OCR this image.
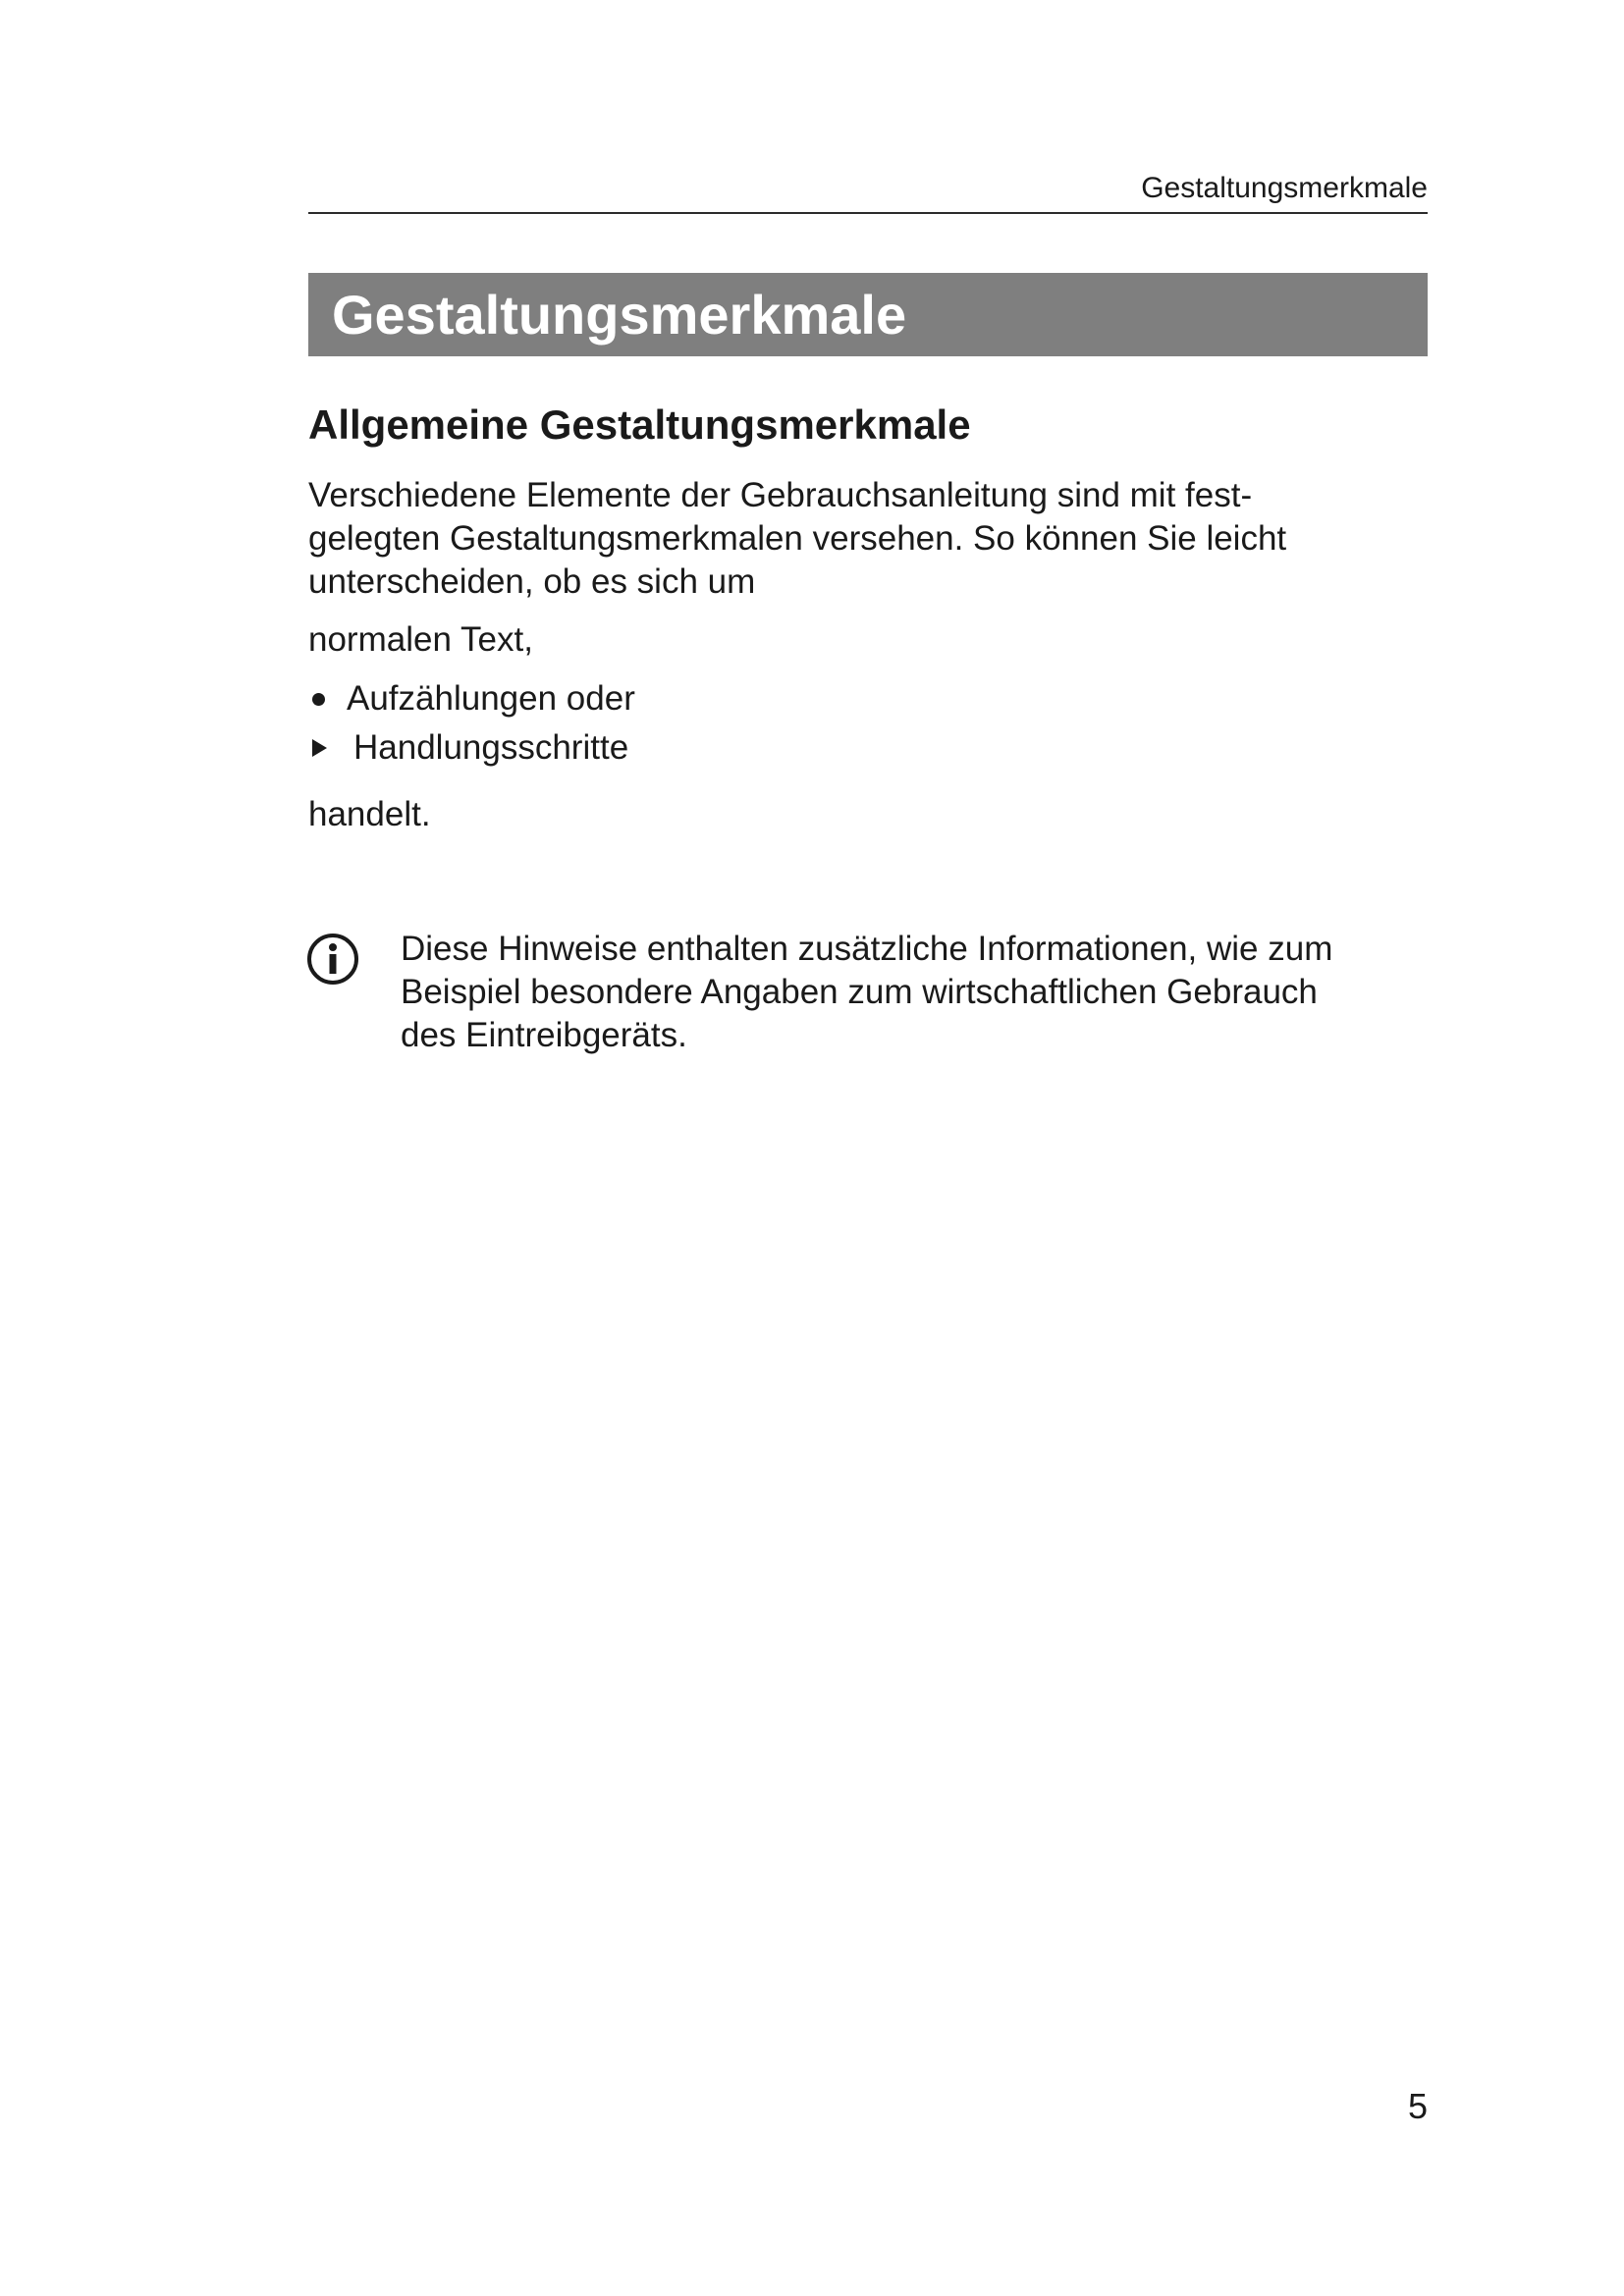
Gestaltungsmerkmale
Gestaltungsmerkmale
Allgemeine Gestaltungsmerkmale

Verschiedene Elemente der Gebrauchsanleitung sind mit fest-
gelegten Gestaltungsmerkmalen versehen. So können Sie leicht
unterscheiden, ob es sich um

normalen Text,
Aufzählungen oder
Handlungsschritte
handelt.
Diese Hinweise enthalten zusätzliche Informationen, wie zum
Beispiel besondere Angaben zum wirtschaftlichen Gebrauch
des Eintreibgeräts.
5
